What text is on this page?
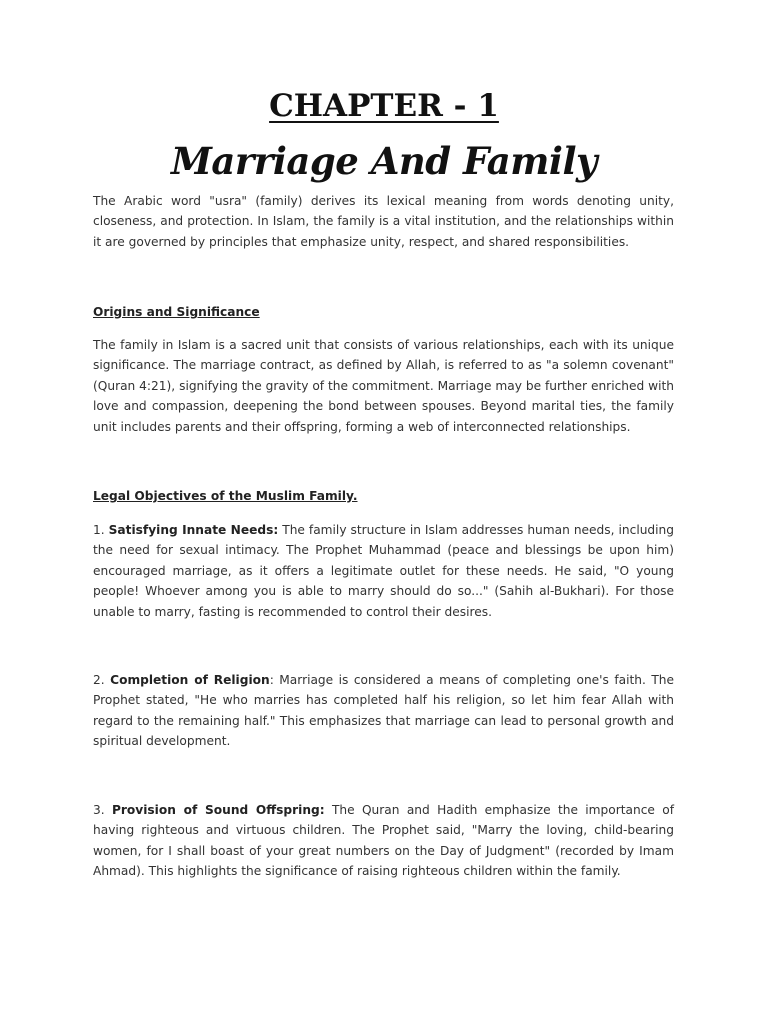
CHAPTER - 1
Marriage And Family

The Arabic word "usra" (family) derives its lexical meaning from words denoting unity, closeness, and protection. In Islam, the family is a vital institution, and the relationships within it are governed by principles that emphasize unity, respect, and shared responsibilities.

Origins and Significance

The family in Islam is a sacred unit that consists of various relationships, each with its unique significance. The marriage contract, as defined by Allah, is referred to as "a solemn covenant" (Quran 4:21), signifying the gravity of the commitment. Marriage may be further enriched with love and compassion, deepening the bond between spouses. Beyond marital ties, the family unit includes parents and their offspring, forming a web of interconnected relationships.

Legal Objectives of the Muslim Family.

1. Satisfying Innate Needs: The family structure in Islam addresses human needs, including the need for sexual intimacy. The Prophet Muhammad (peace and blessings be upon him) encouraged marriage, as it offers a legitimate outlet for these needs. He said, "O young people! Whoever among you is able to marry should do so..." (Sahih al-Bukhari). For those unable to marry, fasting is recommended to control their desires.

2. Completion of Religion: Marriage is considered a means of completing one's faith. The Prophet stated, "He who marries has completed half his religion, so let him fear Allah with regard to the remaining half." This emphasizes that marriage can lead to personal growth and spiritual development.

3. Provision of Sound Offspring: The Quran and Hadith emphasize the importance of having righteous and virtuous children. The Prophet said, "Marry the loving, child-bearing women, for I shall boast of your great numbers on the Day of Judgment" (recorded by Imam Ahmad). This highlights the significance of raising righteous children within the family.
